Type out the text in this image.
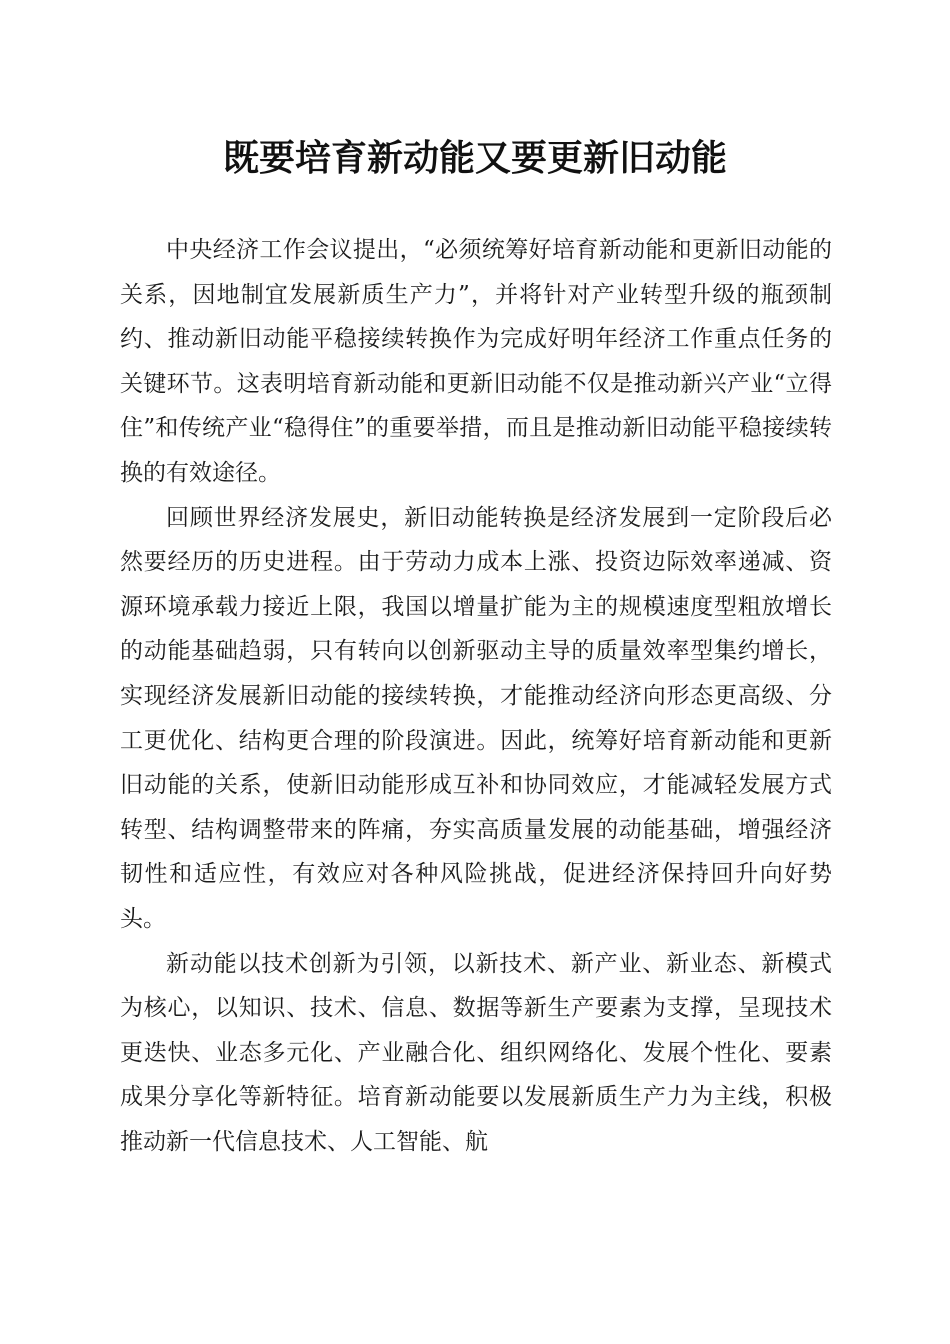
既要培育新动能又要更新旧动能

中央经济工作会议提出，“必须统筹好培育新动能和更新旧动能的关系，因地制宜发展新质生产力”，并将针对产业转型升级的瓶颈制约、推动新旧动能平稳接续转换作为完成好明年经济工作重点任务的关键环节。这表明培育新动能和更新旧动能不仅是推动新兴产业“立得住”和传统产业“稳得住”的重要举措，而且是推动新旧动能平稳接续转换的有效途径。

回顾世界经济发展史，新旧动能转换是经济发展到一定阶段后必然要经历的历史进程。由于劳动力成本上涨、投资边际效率递减、资源环境承载力接近上限，我国以增量扩能为主的规模速度型粗放增长的动能基础趋弱，只有转向以创新驱动主导的质量效率型集约增长，实现经济发展新旧动能的接续转换，才能推动经济向形态更高级、分工更优化、结构更合理的阶段演进。因此，统筹好培育新动能和更新旧动能的关系，使新旧动能形成互补和协同效应，才能减轻发展方式转型、结构调整带来的阵痛，夯实高质量发展的动能基础，增强经济韧性和适应性，有效应对各种风险挑战，促进经济保持回升向好势头。

新动能以技术创新为引领，以新技术、新产业、新业态、新模式为核心，以知识、技术、信息、数据等新生产要素为支撑，呈现技术更迭快、业态多元化、产业融合化、组织网络化、发展个性化、要素成果分享化等新特征。培育新动能要以发展新质生产力为主线，积极推动新一代信息技术、人工智能、航
